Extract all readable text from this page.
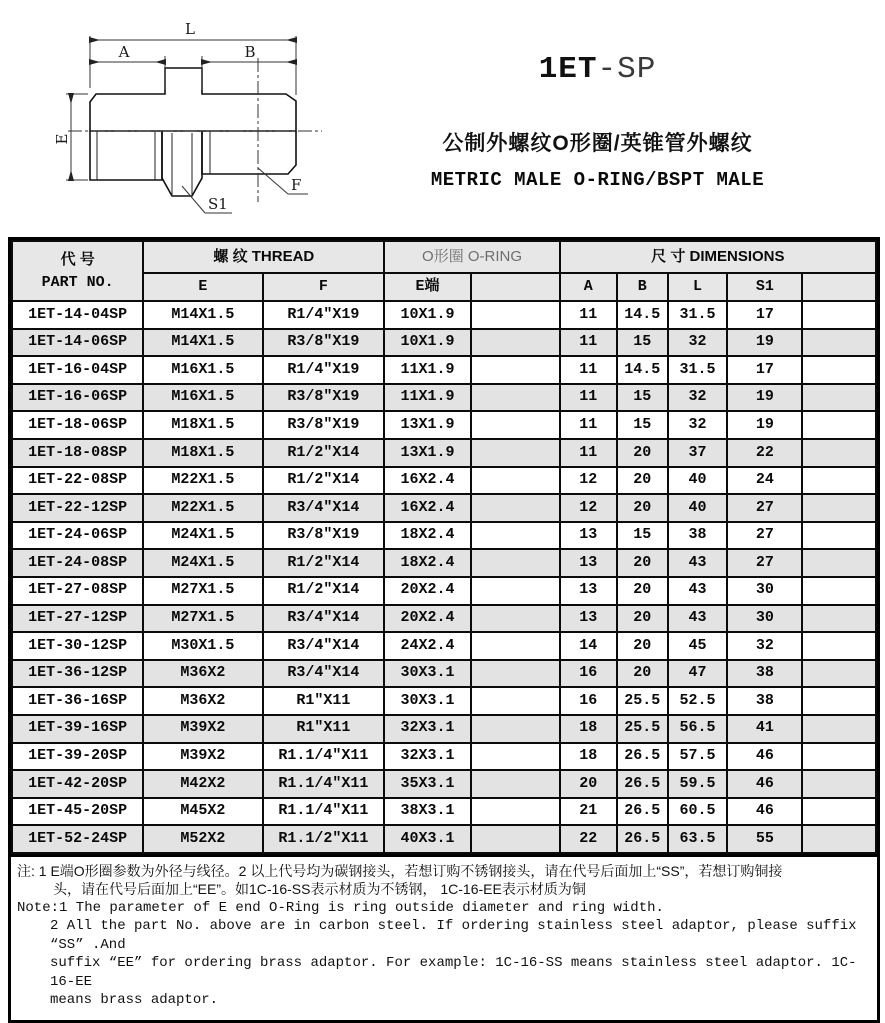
L
A	B
E
S1
F
1ET-SP
公制外螺纹O形圈/英锥管外螺纹
METRIC MALE O-RING/BSPT MALE
代 号
PART NO.	螺 纹 THREAD		O形圈 O-RING		尺 寸 DIMENSIONS				
	E	F	E端		A	B	L	S1	
1ET-14-04SP	M14X1.5	R1/4″X19	10X1.9		11	14.5	31.5	17	
1ET-14-06SP	M14X1.5	R3/8″X19	10X1.9		11	15	32	19	
1ET-16-04SP	M16X1.5	R1/4″X19	11X1.9		11	14.5	31.5	17	
1ET-16-06SP	M16X1.5	R3/8″X19	11X1.9		11	15	32	19	
1ET-18-06SP	M18X1.5	R3/8″X19	13X1.9		11	15	32	19	
1ET-18-08SP	M18X1.5	R1/2″X14	13X1.9		11	20	37	22	
1ET-22-08SP	M22X1.5	R1/2″X14	16X2.4		12	20	40	24	
1ET-22-12SP	M22X1.5	R3/4″X14	16X2.4		12	20	40	27	
1ET-24-06SP	M24X1.5	R3/8″X19	18X2.4		13	15	38	27	
1ET-24-08SP	M24X1.5	R1/2″X14	18X2.4		13	20	43	27	
1ET-27-08SP	M27X1.5	R1/2″X14	20X2.4		13	20	43	30	
1ET-27-12SP	M27X1.5	R3/4″X14	20X2.4		13	20	43	30	
1ET-30-12SP	M30X1.5	R3/4″X14	24X2.4		14	20	45	32	
1ET-36-12SP	M36X2	R3/4″X14	30X3.1		16	20	47	38	
1ET-36-16SP	M36X2	R1″X11	30X3.1		16	25.5	52.5	38	
1ET-39-16SP	M39X2	R1″X11	32X3.1		18	25.5	56.5	41	
1ET-39-20SP	M39X2	R1.1/4″X11	32X3.1		18	26.5	57.5	46	
1ET-42-20SP	M42X2	R1.1/4″X11	35X3.1		20	26.5	59.5	46	
1ET-45-20SP	M45X2	R1.1/4″X11	38X3.1		21	26.5	60.5	46	
1ET-52-24SP	M52X2	R1.1/2″X11	40X3.1		22	26.5	63.5	55	
注: 1 E端O形圈参数为外径与线径。2 以上代号均为碳钢接头，若想订购不锈钢接头，请在代号后面加上“SS”，若想订购铜接
头，请在代号后面加上“EE”。如1C-16-SS表示材质为不锈钢， 1C-16-EE表示材质为铜
Note:1 The parameter of E end O-Ring is ring outside diameter and ring width.
2 All the part No. above are in carbon steel. If ordering stainless steel adaptor, please suffix “SS” .And
suffix “EE” for ordering brass adaptor. For example: 1C-16-SS means stainless steel adaptor. 1C-16-EE
means brass adaptor.
